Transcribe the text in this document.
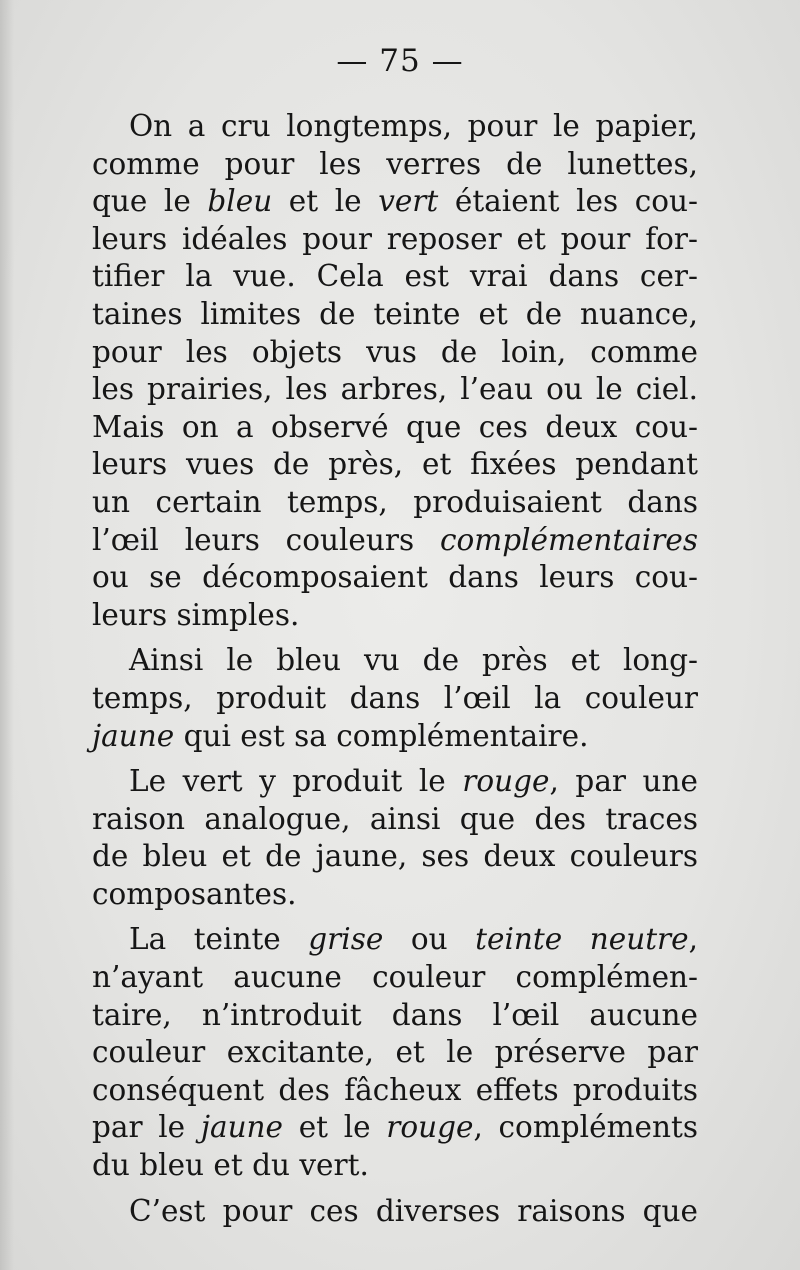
— 75 —
On a cru longtemps, pour le papier,
comme pour les verres de lunettes,
que le bleu et le vert étaient les cou-
leurs idéales pour reposer et pour for-
tifier la vue. Cela est vrai dans cer-
taines limites de teinte et de nuance,
pour les objets vus de loin, comme
les prairies, les arbres, l’eau ou le ciel.
Mais on a observé que ces deux cou-
leurs vues de près, et fixées pendant
un certain temps, produisaient dans
l’œil leurs couleurs complémentaires
ou se décomposaient dans leurs cou-
leurs simples.
Ainsi le bleu vu de près et long-
temps, produit dans l’œil la couleur
jaune qui est sa complémentaire.
Le vert y produit le rouge, par une
raison analogue, ainsi que des traces
de bleu et de jaune, ses deux couleurs
composantes.
La teinte grise ou teinte neutre,
n’ayant aucune couleur complémen-
taire, n’introduit dans l’œil aucune
couleur excitante, et le préserve par
conséquent des fâcheux effets produits
par le jaune et le rouge, compléments
du bleu et du vert.
C’est pour ces diverses raisons que
